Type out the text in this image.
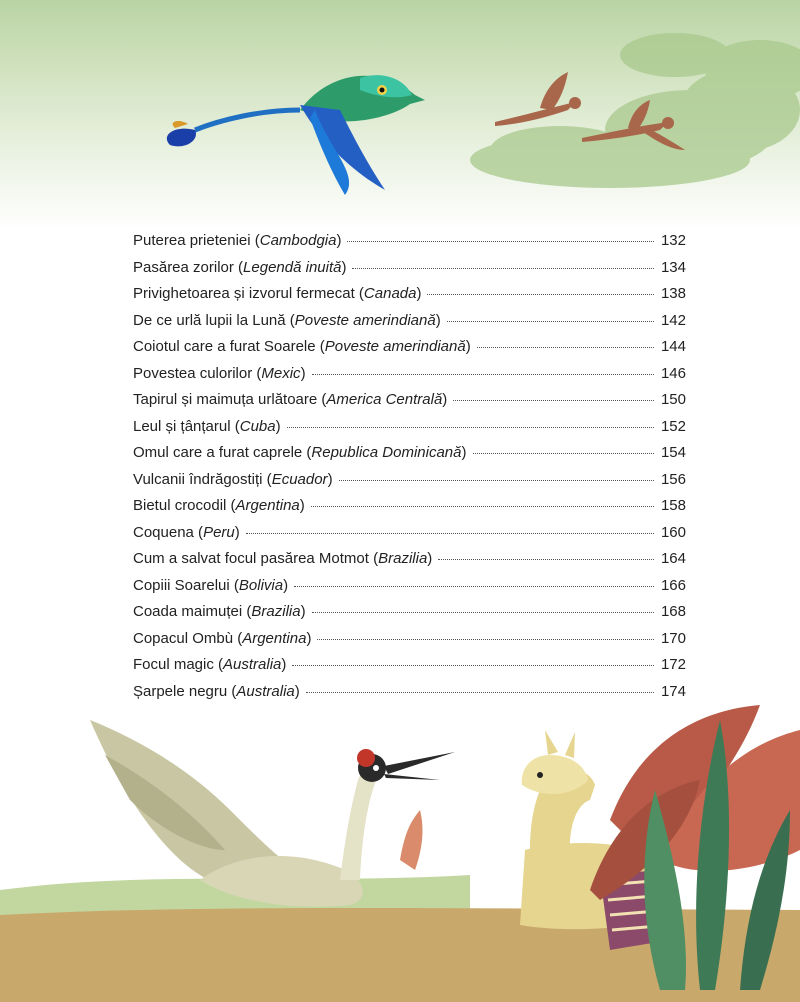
Puterea prieteniei (Cambodgia)	132
Pasărea zorilor (Legendă inuită)	134
Privighetoarea și izvorul fermecat (Canada)	138
De ce urlă lupii la Lună (Poveste amerindiană)	142
Coiotul care a furat Soarele (Poveste amerindiană)	144
Povestea culorilor (Mexic)	146
Tapirul și maimuța urlătoare (America Centrală)	150
Leul și țânțarul (Cuba)	152
Omul care a furat caprele (Republica Dominicană)	154
Vulcanii îndrăgostiți (Ecuador)	156
Bietul crocodil (Argentina)	158
Coquena (Peru)	160
Cum a salvat focul pasărea Motmot (Brazilia)	164
Copiii Soarelui (Bolivia)	166
Coada maimuței (Brazilia)	168
Copacul Ombù (Argentina)	170
Focul magic (Australia)	172
Șarpele negru (Australia)	174
